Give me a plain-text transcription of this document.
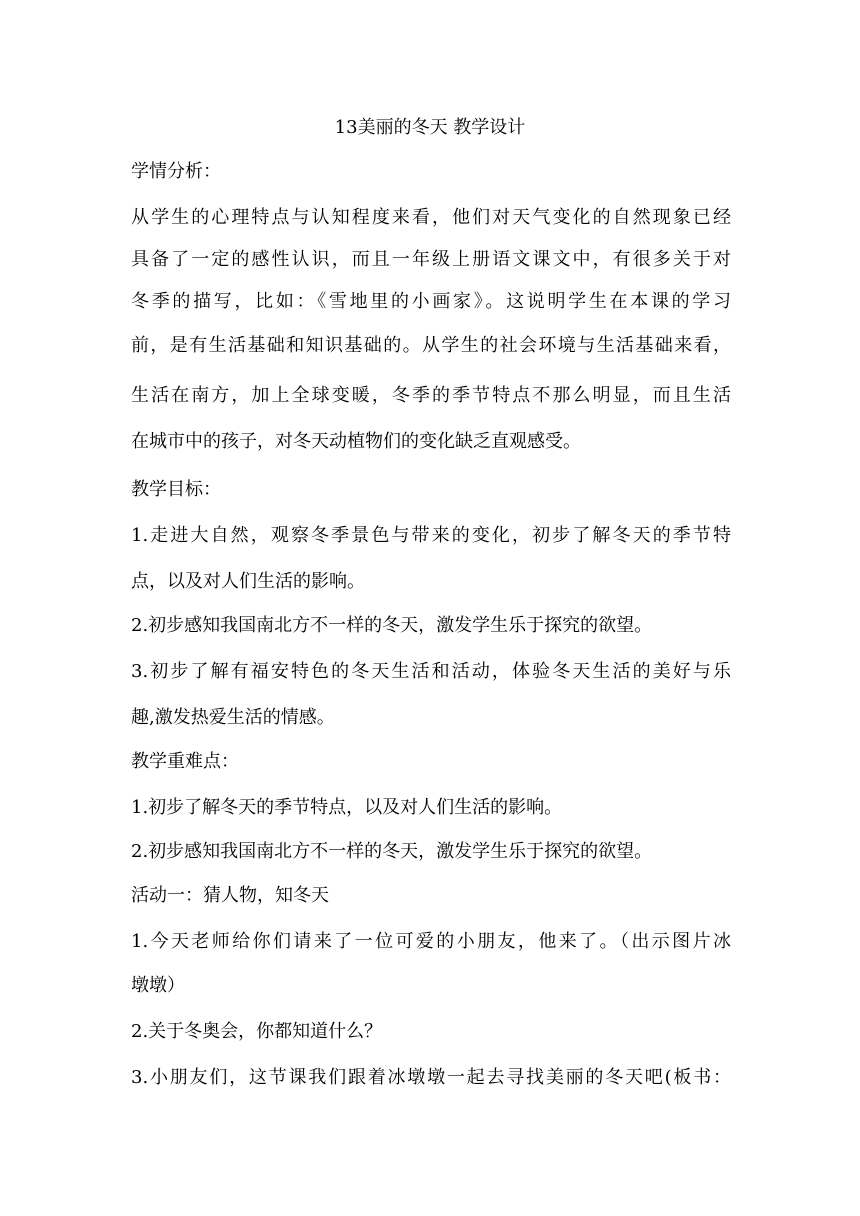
13美丽的冬天 教学设计
学情分析：
从学生的心理特点与认知程度来看，他们对天气变化的自然现象已经
具备了一定的感性认识，而且一年级上册语文课文中，有很多关于对
冬季的描写，比如：《雪地里的小画家》。这说明学生在本课的学习
前，是有生活基础和知识基础的。从学生的社会环境与生活基础来看，
生活在南方，加上全球变暖，冬季的季节特点不那么明显，而且生活
在城市中的孩子，对冬天动植物们的变化缺乏直观感受。
教学目标：
1.走进大自然，观察冬季景色与带来的变化，初步了解冬天的季节特
点，以及对人们生活的影响。
2.初步感知我国南北方不一样的冬天，激发学生乐于探究的欲望。
3.初步了解有福安特色的冬天生活和活动，体验冬天生活的美好与乐
趣,激发热爱生活的情感。
教学重难点：
1.初步了解冬天的季节特点，以及对人们生活的影响。
2.初步感知我国南北方不一样的冬天，激发学生乐于探究的欲望。
活动一：猜人物，知冬天
1.今天老师给你们请来了一位可爱的小朋友，他来了。（出示图片冰
墩墩）
2.关于冬奥会，你都知道什么？
3.小朋友们，这节课我们跟着冰墩墩一起去寻找美丽的冬天吧(板书：
